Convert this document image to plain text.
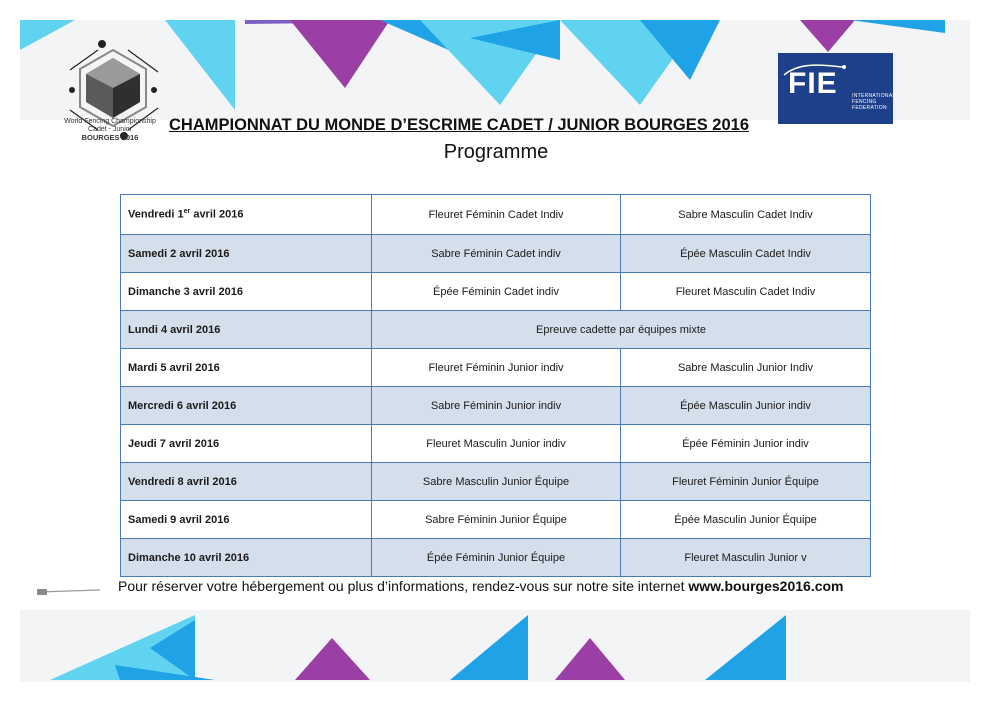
World Fencing Championship
Cadet - Junior
BOURGES 2016
FIE	INTERNATIONAL
FENCING
FEDERATION
CHAMPIONNAT DU MONDE D’ESCRIME CADET / JUNIOR BOURGES 2016
Programme
Vendredi 1er avril 2016	Fleuret Féminin Cadet Indiv	Sabre Masculin Cadet Indiv
Samedi 2 avril 2016	Sabre Féminin Cadet indiv	Épée Masculin Cadet Indiv
Dimanche 3 avril 2016	Épée Féminin Cadet indiv	Fleuret Masculin Cadet Indiv
Lundi 4 avril 2016	Epreuve cadette par équipes mixte	
Mardi 5 avril 2016	Fleuret Féminin Junior indiv	Sabre Masculin Junior Indiv
Mercredi 6 avril 2016	Sabre Féminin Junior indiv	Épée Masculin Junior indiv
Jeudi 7 avril 2016	Fleuret Masculin Junior indiv	Épée Féminin Junior indiv
Vendredi 8 avril 2016	Sabre Masculin Junior Équipe	Fleuret Féminin Junior Équipe
Samedi 9 avril 2016	Sabre Féminin Junior Équipe	Épée Masculin Junior Équipe
Dimanche 10 avril 2016	Épée Féminin Junior Équipe	Fleuret Masculin Junior v
Pour réserver votre hébergement ou plus d’informations, rendez-vous sur notre site internet www.bourges2016.com
